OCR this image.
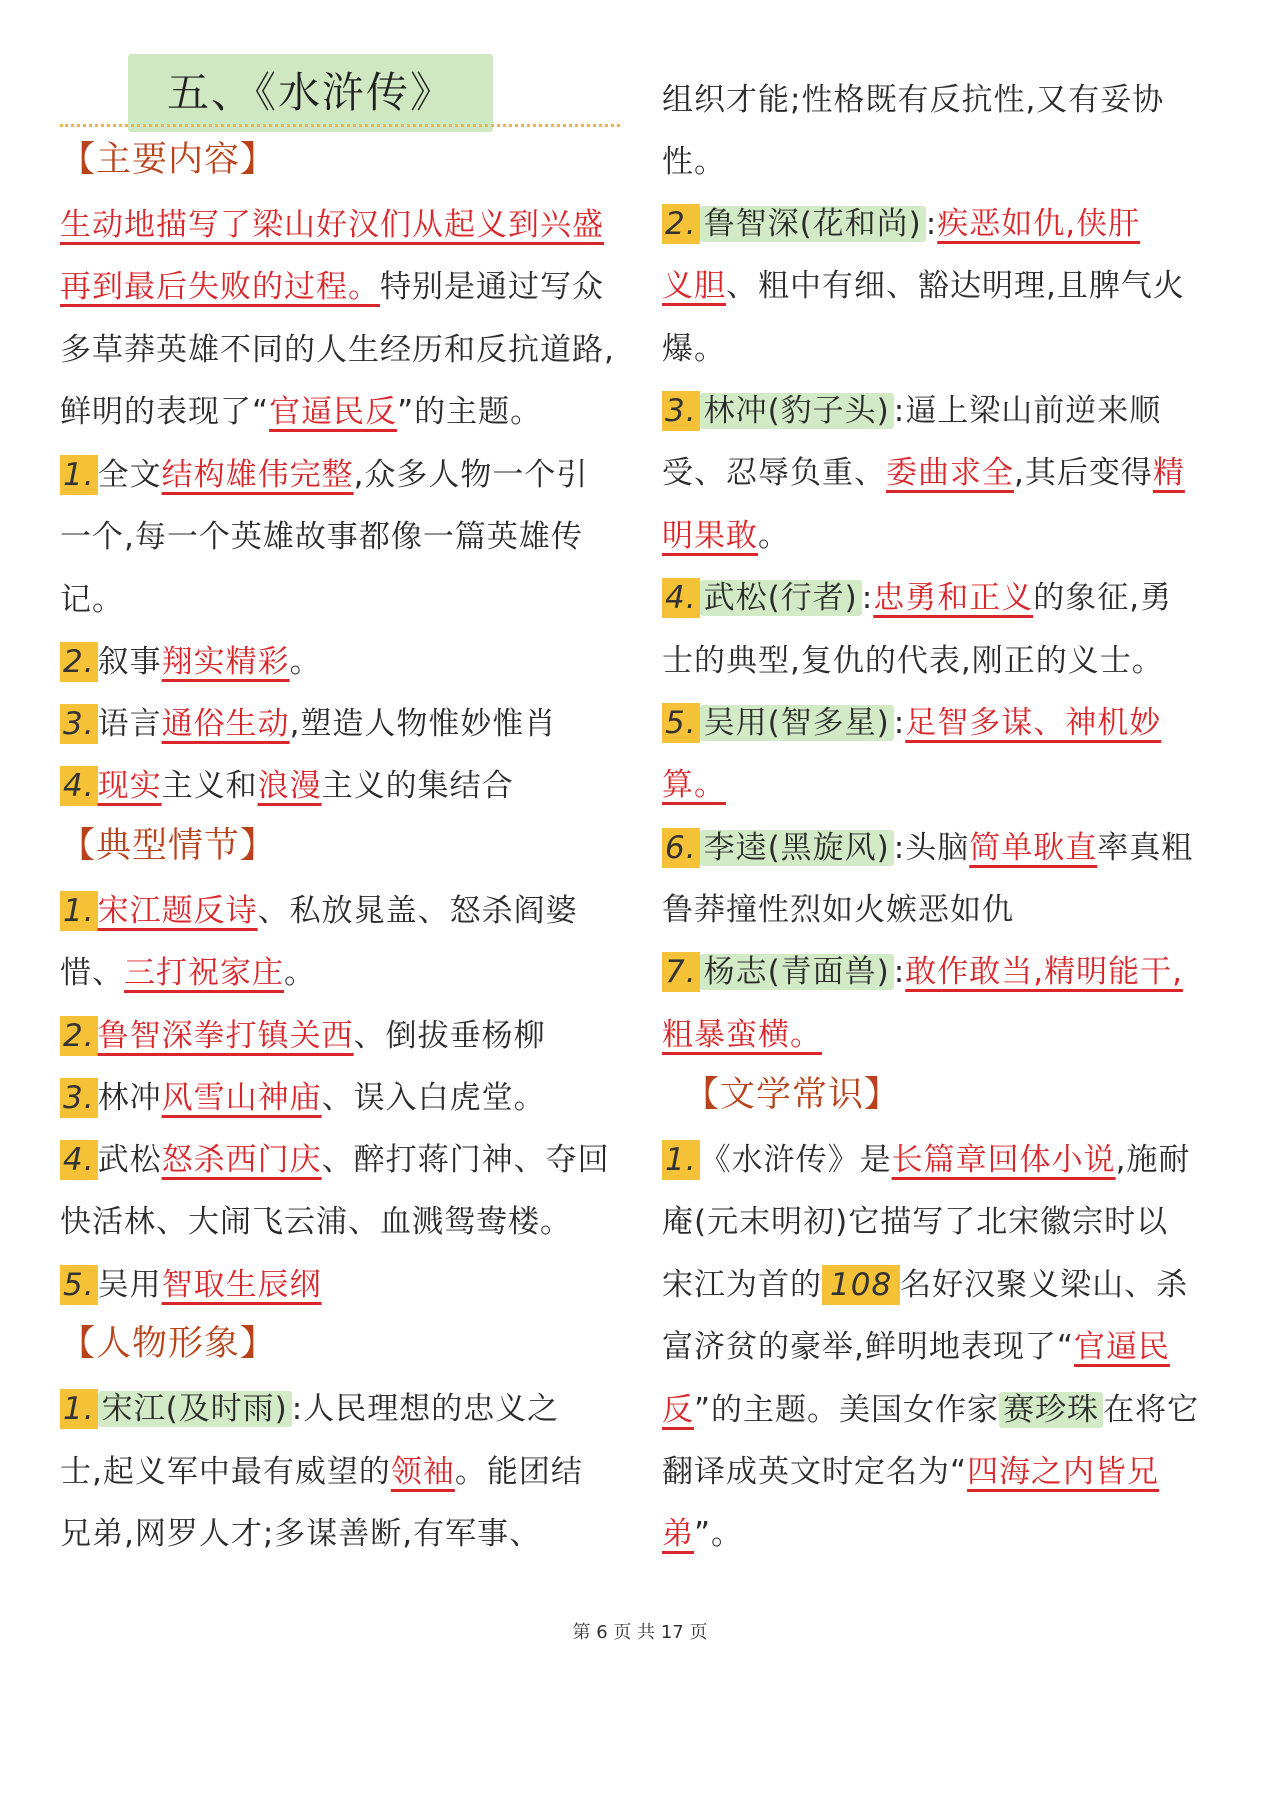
五、《水浒传》
【主要内容】
生动地描写了梁山好汉们从起义到兴盛
再到最后失败的过程。特别是通过写众
多草莽英雄不同的人生经历和反抗道路,
鲜明的表现了“官逼民反”的主题。
1.全文结构雄伟完整,众多人物一个引
一个,每一个英雄故事都像一篇英雄传
记。
2.叙事翔实精彩。
3.语言通俗生动,塑造人物惟妙惟肖
4.现实主义和浪漫主义的集结合
【典型情节】
1.宋江题反诗、私放晁盖、怒杀阎婆
惜、三打祝家庄。
2.鲁智深拳打镇关西、倒拔垂杨柳
3.林冲风雪山神庙、误入白虎堂。
4.武松怒杀西门庆、醉打蒋门神、夺回
快活林、大闹飞云浦、血溅鸳鸯楼。
5.吴用智取生辰纲
【人物形象】
1. 宋江(及时雨) :人民理想的忠义之
士,起义军中最有威望的领袖。能团结
兄弟,网罗人才;多谋善断,有军事、
组织才能;性格既有反抗性,又有妥协
性。
2. 鲁智深(花和尚) :疾恶如仇,侠肝
义胆、粗中有细、豁达明理,且脾气火
爆。
3. 林冲(豹子头) :逼上梁山前逆来顺
受、忍辱负重、委曲求全,其后变得精
明果敢。
4. 武松(行者) :忠勇和正义的象征,勇
士的典型,复仇的代表,刚正的义士。
5. 吴用(智多星) :足智多谋、神机妙
算。
6. 李逵(黑旋风) :头脑简单耿直率真粗
鲁莽撞性烈如火嫉恶如仇
7. 杨志(青面兽) :敢作敢当,精明能干,
粗暴蛮横。
【文学常识】
1.《水浒传》是长篇章回体小说,施耐
庵(元末明初)它描写了北宋徽宗时以
宋江为首的 108 名好汉聚义梁山、杀
富济贫的豪举,鲜明地表现了“官逼民
反”的主题。美国女作家 赛珍珠 在将它
翻译成英文时定名为“四海之内皆兄
弟”。
第 6 页 共 17 页
